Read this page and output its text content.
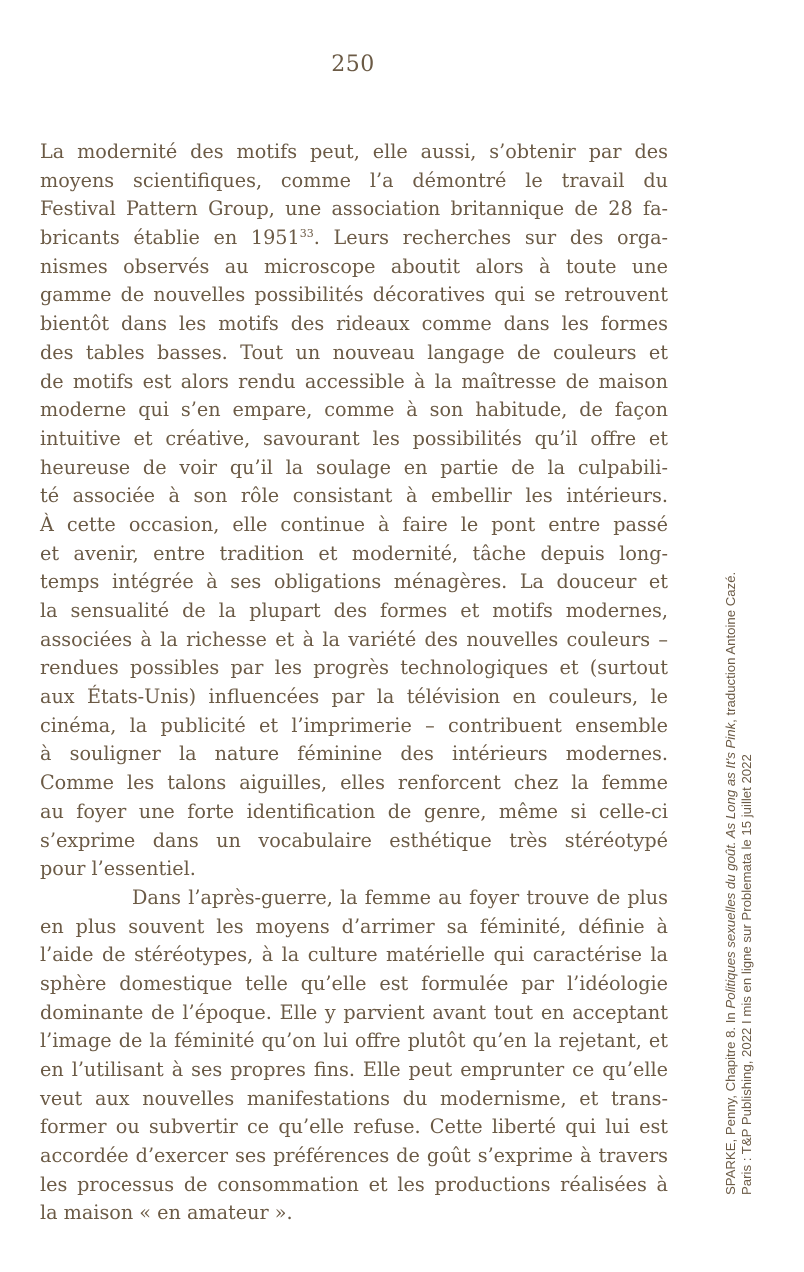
250
La modernité des motifs peut, elle aussi, s’obtenir par des
moyens scientifiques, comme l’a démontré le travail du
Festival Pattern Group, une association britannique de 28 fa-
bricants établie en 1951$^{33}$. Leurs recherches sur des orga-
nismes observés au microscope aboutit alors à toute une
gamme de nouvelles possibilités décoratives qui se retrouvent
bientôt dans les motifs des rideaux comme dans les formes
des tables basses. Tout un nouveau langage de couleurs et
de motifs est alors rendu accessible à la maîtresse de maison
moderne qui s’en empare, comme à son habitude, de façon
intuitive et créative, savourant les possibilités qu’il offre et
heureuse de voir qu’il la soulage en partie de la culpabili-
té associée à son rôle consistant à embellir les intérieurs.
À cette occasion, elle continue à faire le pont entre passé
et avenir, entre tradition et modernité, tâche depuis long-
temps intégrée à ses obligations ménagères. La douceur et
la sensualité de la plupart des formes et motifs modernes,
associées à la richesse et à la variété des nouvelles couleurs –
rendues possibles par les progrès technologiques et (surtout
aux États-Unis) influencées par la télévision en couleurs, le
cinéma, la publicité et l’imprimerie – contribuent ensemble
à souligner la nature féminine des intérieurs modernes.
Comme les talons aiguilles, elles renforcent chez la femme
au foyer une forte identification de genre, même si celle-ci
s’exprime dans un vocabulaire esthétique très stéréotypé
pour l’essentiel.
Dans l’après-guerre, la femme au foyer trouve de plus
en plus souvent les moyens d’arrimer sa féminité, définie à
l’aide de stéréotypes, à la culture matérielle qui caractérise la
sphère domestique telle qu’elle est formulée par l’idéologie
dominante de l’époque. Elle y parvient avant tout en acceptant
l’image de la féminité qu’on lui offre plutôt qu’en la rejetant, et
en l’utilisant à ses propres fins. Elle peut emprunter ce qu’elle
veut aux nouvelles manifestations du modernisme, et trans-
former ou subvertir ce qu’elle refuse. Cette liberté qui lui est
accordée d’exercer ses préférences de goût s’exprime à travers
les processus de consommation et les productions réalisées à
la maison « en amateur ».
SPARKE, Penny, Chapitre 8. In Politiques sexuelles du goût. As Long as It's Pink, traduction Antoine Cazé.
Paris : T&P Publishing, 2022 I mis en ligne sur Problemata le 15 juillet 2022
